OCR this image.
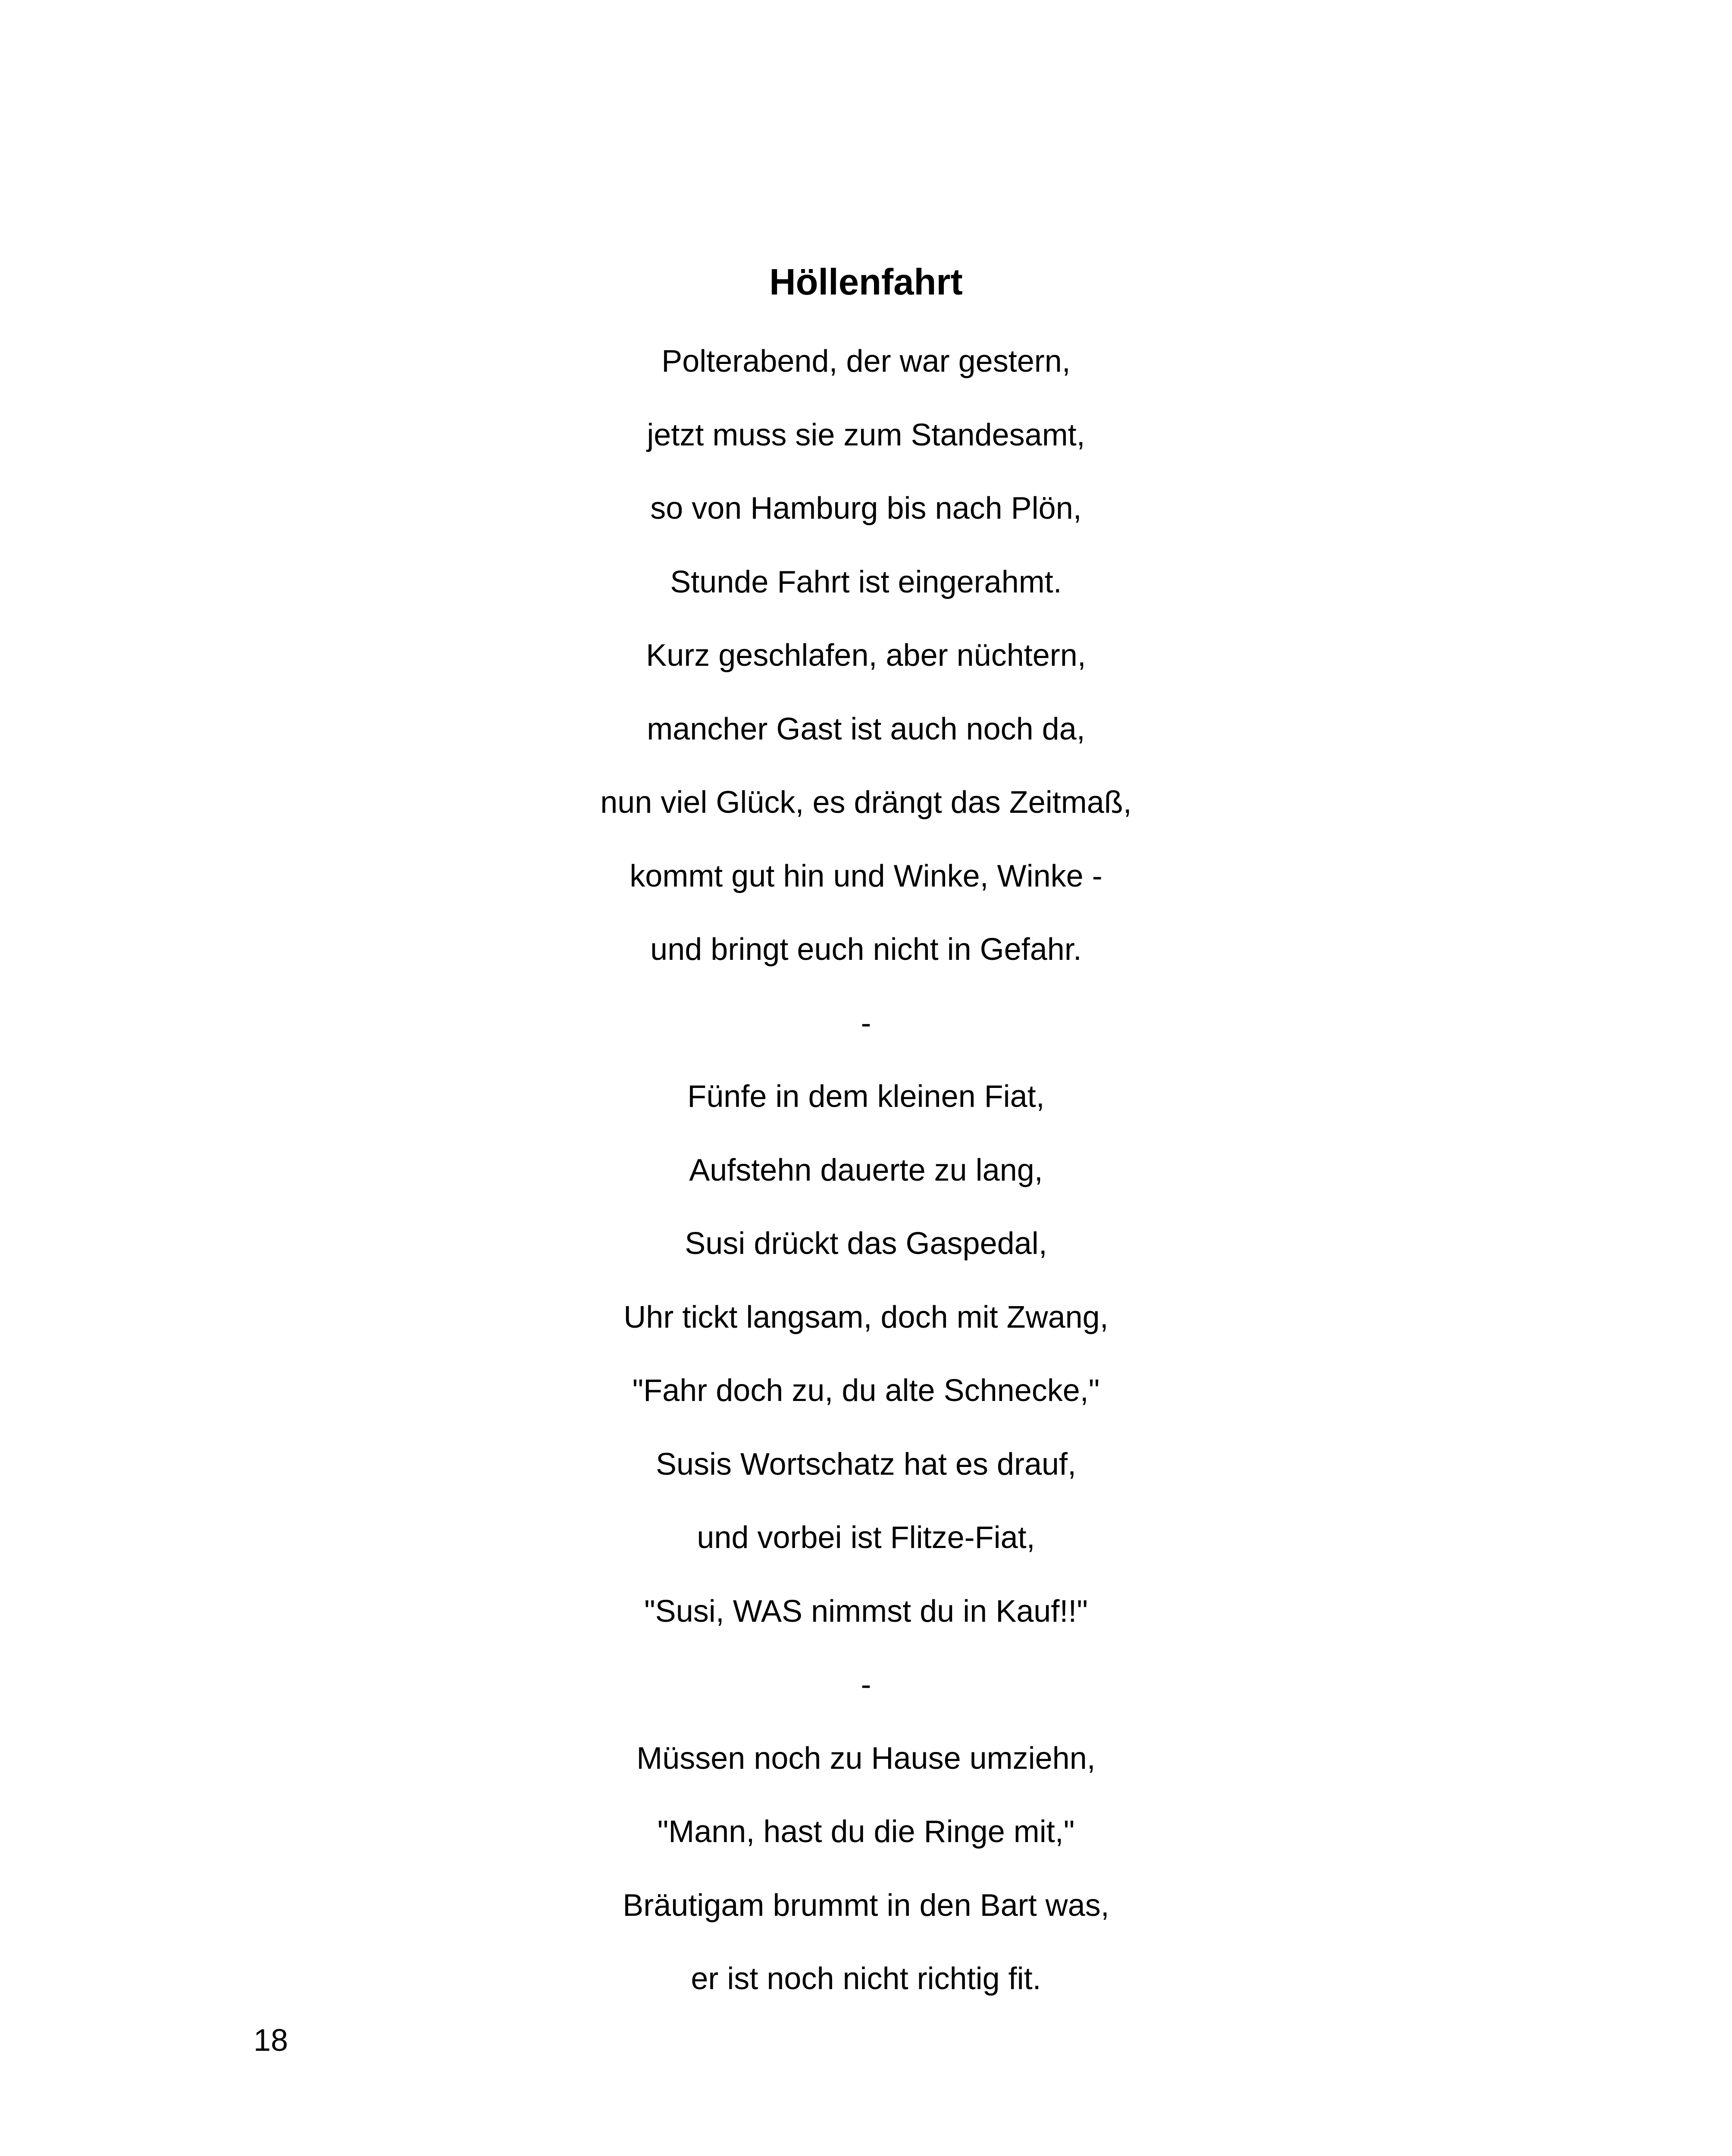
Höllenfahrt
Polterabend, der war gestern,
jetzt muss sie zum Standesamt,
so von Hamburg bis nach Plön,
Stunde Fahrt ist eingerahmt.
Kurz geschlafen, aber nüchtern,
mancher Gast ist auch noch da,
nun viel Glück, es drängt das Zeitmaß,
kommt gut hin und Winke, Winke -
und bringt euch nicht in Gefahr.
-
Fünfe in dem kleinen Fiat,
Aufstehn dauerte zu lang,
Susi drückt das Gaspedal,
Uhr tickt langsam, doch mit Zwang,
"Fahr doch zu, du alte Schnecke,"
Susis Wortschatz hat es drauf,
und vorbei ist Flitze-Fiat,
"Susi, WAS nimmst du in Kauf!!"
-
Müssen noch zu Hause umziehn,
"Mann, hast du die Ringe mit,"
Bräutigam brummt in den Bart was,
er ist noch nicht richtig fit.
18
